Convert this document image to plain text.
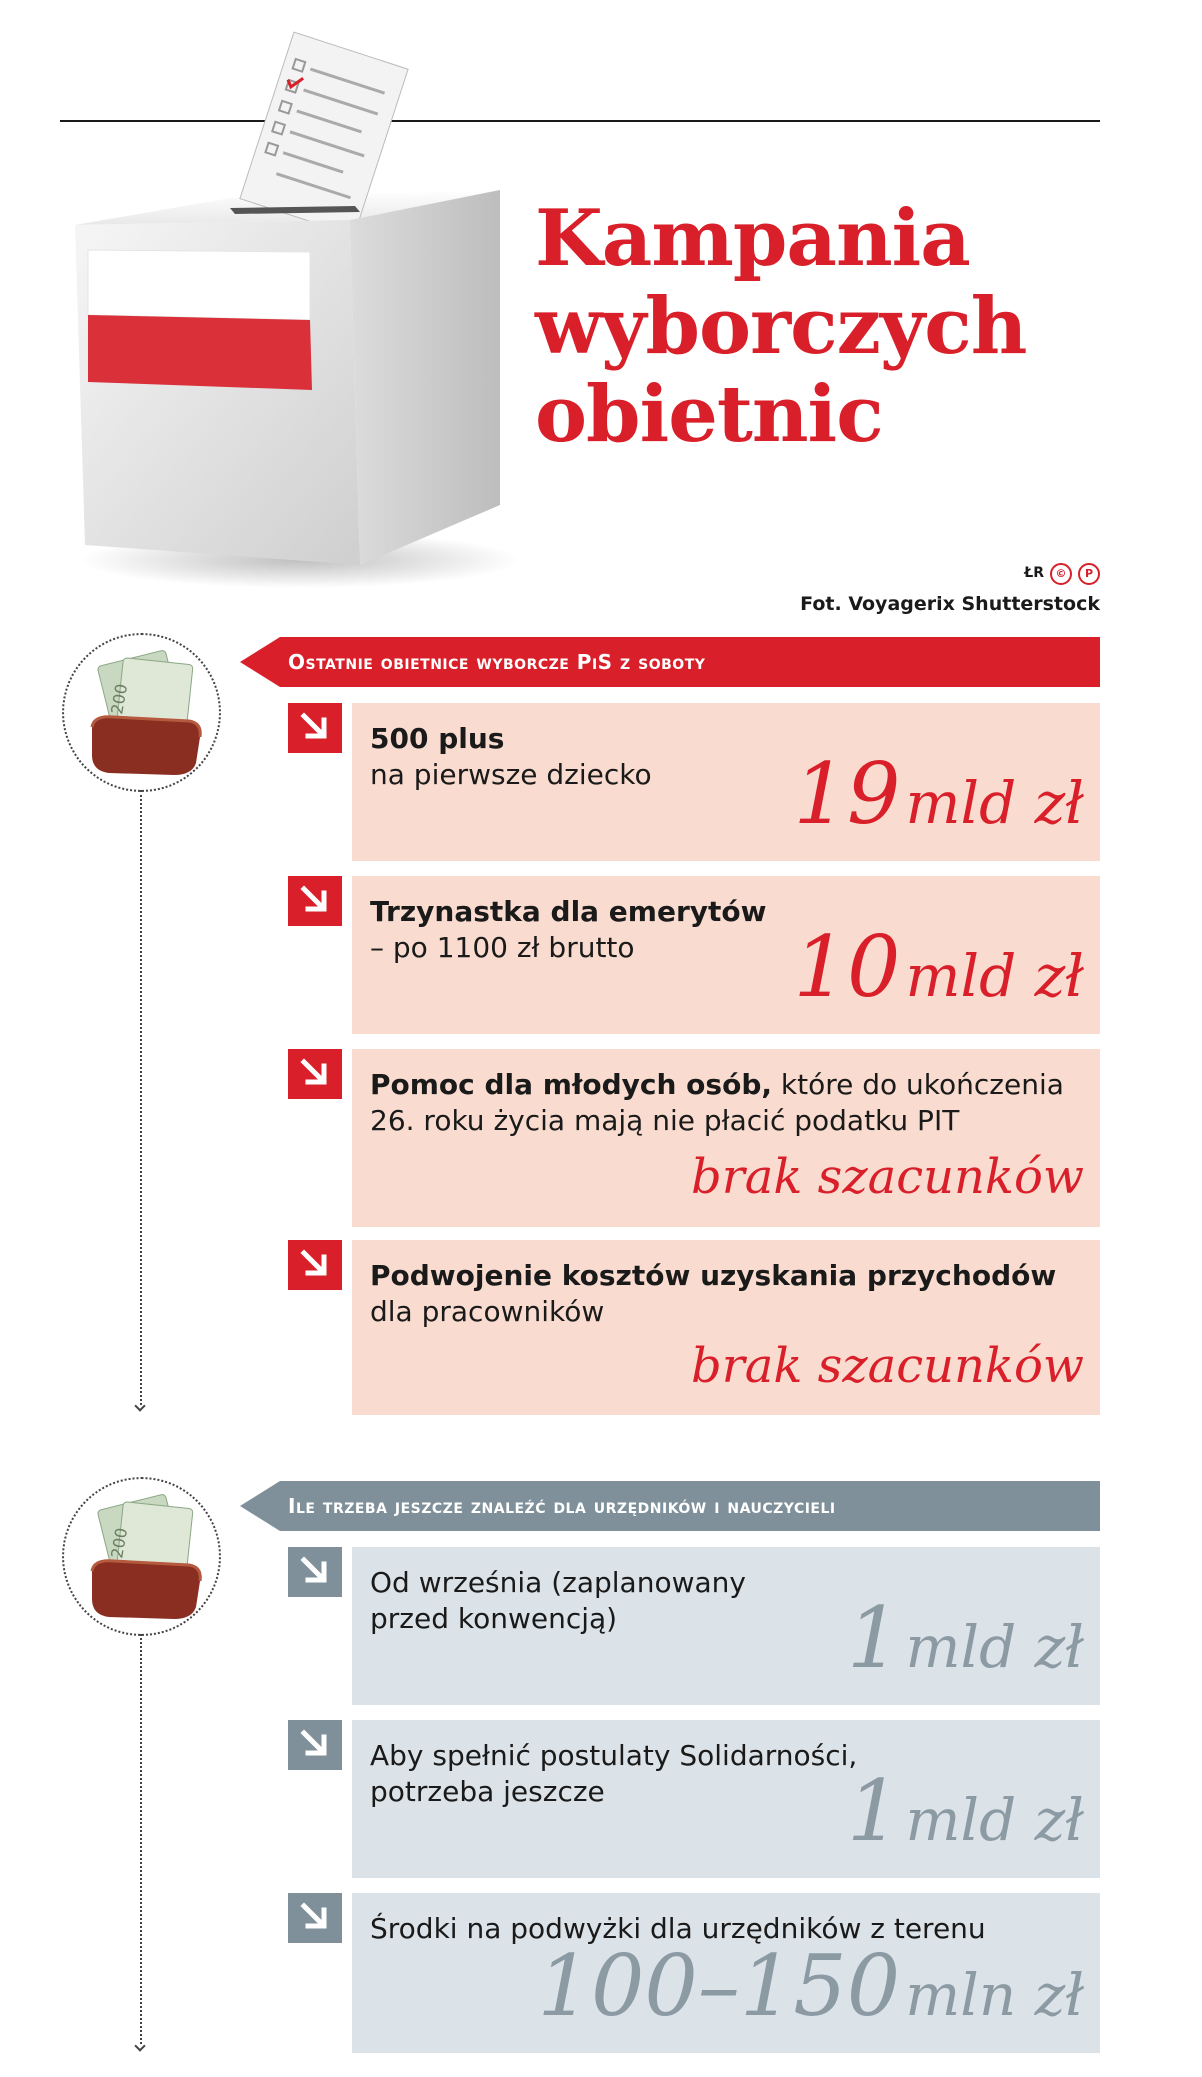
Kampania
wyborczych
obietnic
ŁR © P
Fot. Voyagerix Shutterstock
200
Ostatnie obietnice wyborcze PiS z soboty
500 plus
na pierwsze dziecko	19 mld zł
Trzynastka dla emerytów
– po 1100 zł brutto	10 mld zł
Pomoc dla młodych osób, które do ukończenia 26. roku życia mają nie płacić podatku PIT
brak szacunków
Podwojenie kosztów uzyskania przychodów
dla pracowników
brak szacunków
200
Ile trzeba jeszcze znaleźć dla urzędników i nauczycieli
Od września (zaplanowany przed konwencją)	1 mld zł
Aby spełnić postulaty Solidarności, potrzeba jeszcze	1 mld zł
Środki na podwyżki dla urzędników z terenu
100–150 mln zł
